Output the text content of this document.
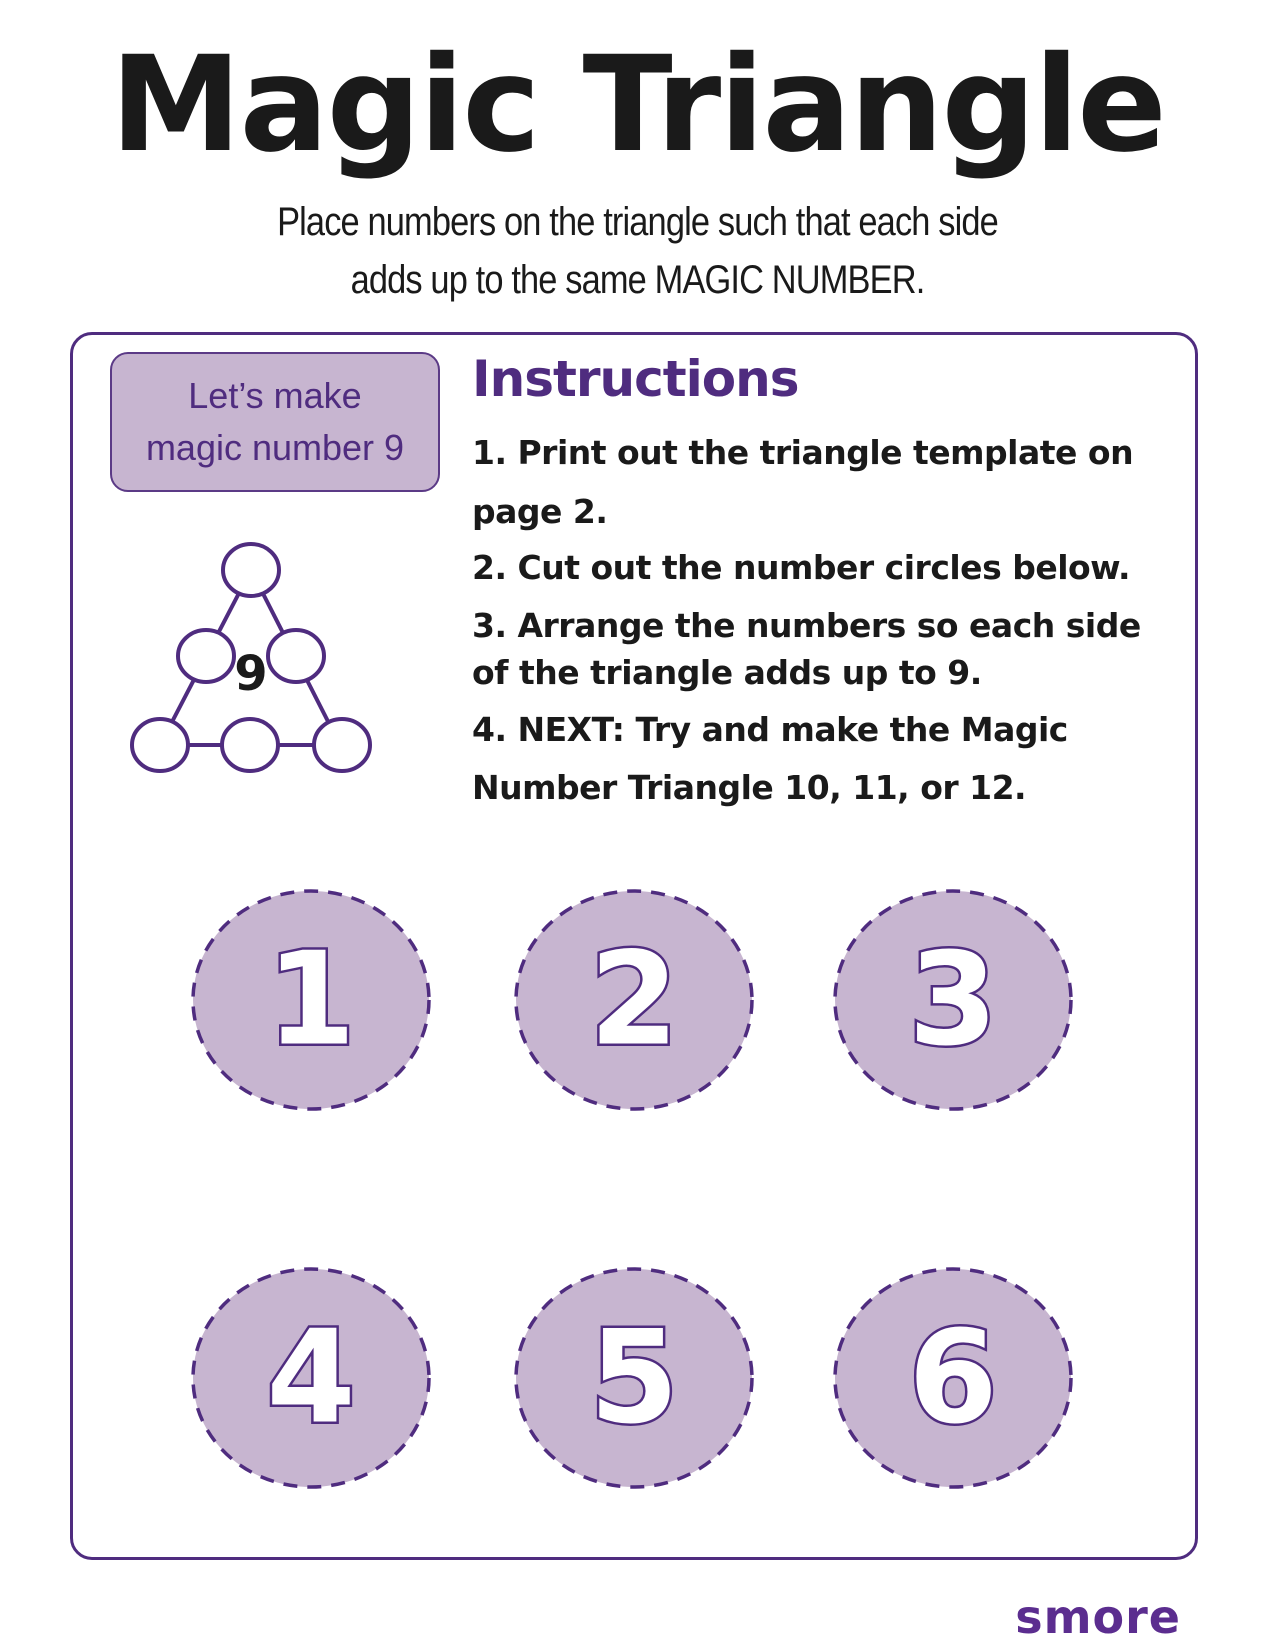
Magic Triangle
Place numbers on the triangle such that each side
adds up to the same MAGIC NUMBER.
Let’s make
magic number 9
9
Instructions
1. Print out the triangle template on
page 2.
2. Cut out the number circles below.
3. Arrange the numbers so each side
of the triangle adds up to 9.
4. NEXT: Try and make the Magic
Number Triangle 10, 11, or 12.
1 2 3
4 5 6
smore
